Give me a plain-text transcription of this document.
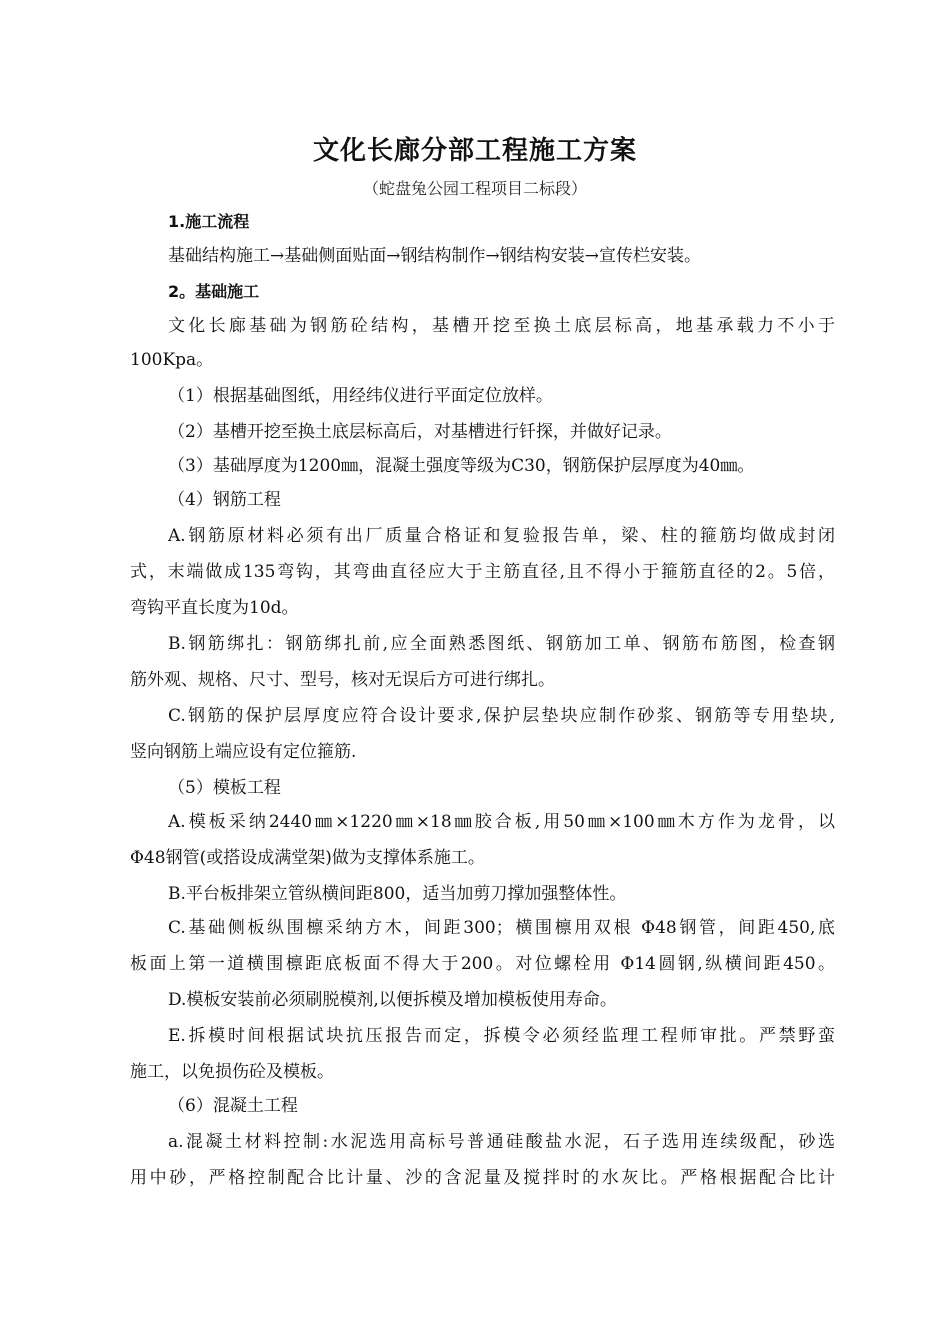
文化长廊分部工程施工方案
（蛇盘兔公园工程项目二标段）
1.施工流程
基础结构施工→基础侧面贴面→钢结构制作→钢结构安装→宣传栏安装。
2。基础施工
文化长廊基础为钢筋砼结构，基槽开挖至换土底层标高，地基承载力不小于
100Kpa。
（1）根据基础图纸，用经纬仪进行平面定位放样。
（2）基槽开挖至换土底层标高后，对基槽进行钎探，并做好记录。
（3）基础厚度为1200㎜，混凝土强度等级为C30，钢筋保护层厚度为40㎜。
（4）钢筋工程
A.钢筋原材料必须有出厂质量合格证和复验报告单，梁、柱的箍筋均做成封闭
式，末端做成135弯钩，其弯曲直径应大于主筋直径,且不得小于箍筋直径的2。5倍，
弯钩平直长度为10d。
B.钢筋绑扎：钢筋绑扎前,应全面熟悉图纸、钢筋加工单、钢筋布筋图，检查钢
筋外观、规格、尺寸、型号，核对无误后方可进行绑扎。
C.钢筋的保护层厚度应符合设计要求,保护层垫块应制作砂浆、钢筋等专用垫块,
竖向钢筋上端应设有定位箍筋.
（5）模板工程
A.模板采纳2440㎜×1220㎜×18㎜胶合板,用50㎜×100㎜木方作为龙骨，以
Φ48钢管(或搭设成满堂架)做为支撑体系施工。
B.平台板排架立管纵横间距800，适当加剪刀撑加强整体性。
C.基础侧板纵围檩采纳方木，间距300；横围檩用双根 Φ48钢管，间距450,底
板面上第一道横围檩距底板面不得大于200。对位螺栓用 Φ14圆钢,纵横间距450。
D.模板安装前必须刷脱模剂,以便拆模及增加模板使用寿命。
E.拆模时间根据试块抗压报告而定，拆模令必须经监理工程师审批。严禁野蛮
施工，以免损伤砼及模板。
（6）混凝土工程
a.混凝土材料控制:水泥选用高标号普通硅酸盐水泥，石子选用连续级配，砂选
用中砂，严格控制配合比计量、沙的含泥量及搅拌时的水灰比。严格根据配合比计
